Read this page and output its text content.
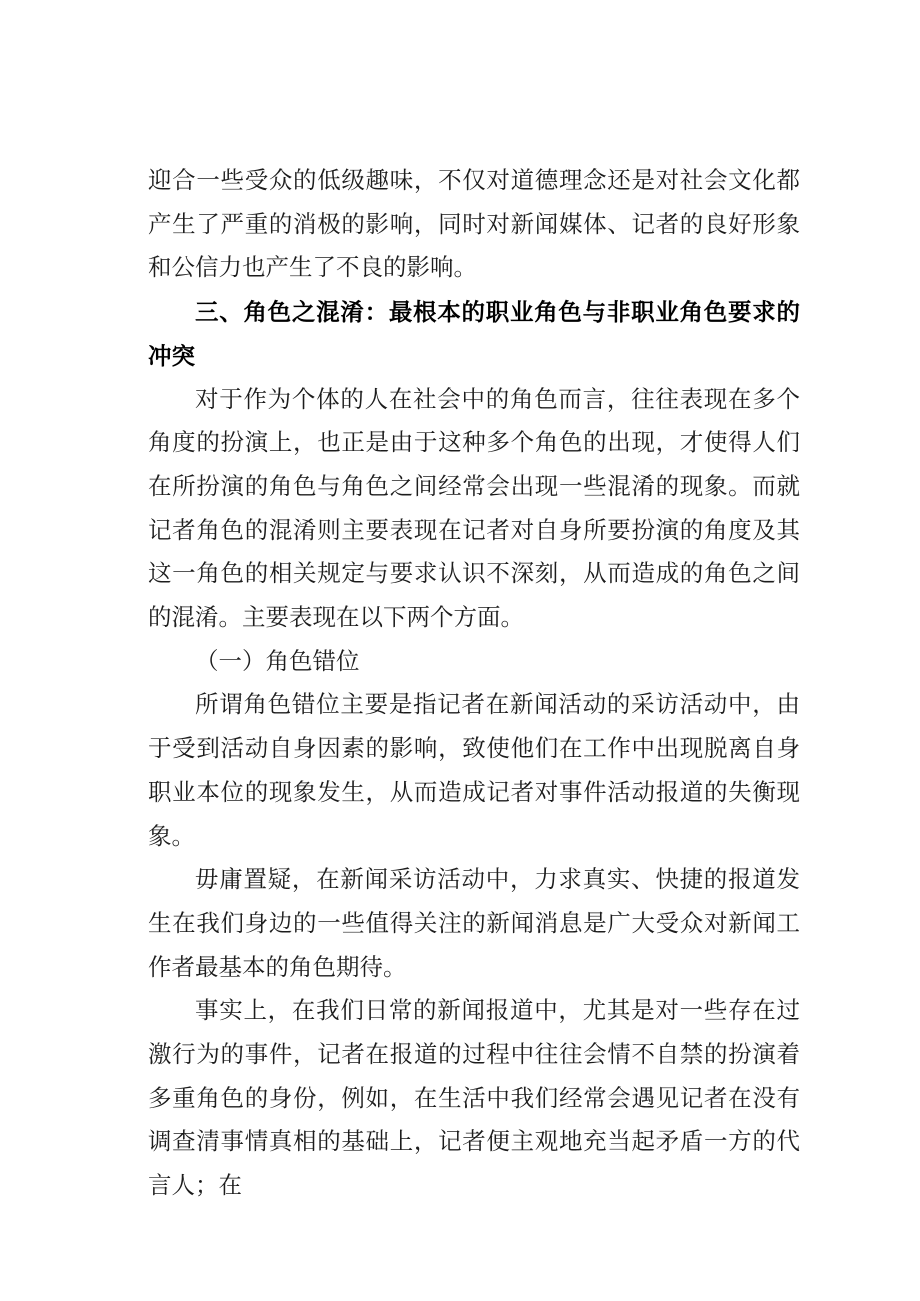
迎合一些受众的低级趣味，不仅对道德理念还是对社会文化都产生了严重的消极的影响，同时对新闻媒体、记者的良好形象和公信力也产生了不良的影响。

三、角色之混淆：最根本的职业角色与非职业角色要求的冲突

对于作为个体的人在社会中的角色而言，往往表现在多个角度的扮演上，也正是由于这种多个角色的出现，才使得人们在所扮演的角色与角色之间经常会出现一些混淆的现象。而就记者角色的混淆则主要表现在记者对自身所要扮演的角度及其这一角色的相关规定与要求认识不深刻，从而造成的角色之间的混淆。主要表现在以下两个方面。

（一）角色错位

所谓角色错位主要是指记者在新闻活动的采访活动中，由于受到活动自身因素的影响，致使他们在工作中出现脱离自身职业本位的现象发生，从而造成记者对事件活动报道的失衡现象。

毋庸置疑，在新闻采访活动中，力求真实、快捷的报道发生在我们身边的一些值得关注的新闻消息是广大受众对新闻工作者最基本的角色期待。

事实上，在我们日常的新闻报道中，尤其是对一些存在过激行为的事件，记者在报道的过程中往往会情不自禁的扮演着多重角色的身份，例如，在生活中我们经常会遇见记者在没有调查清事情真相的基础上，记者便主观地充当起矛盾一方的代言人；在
